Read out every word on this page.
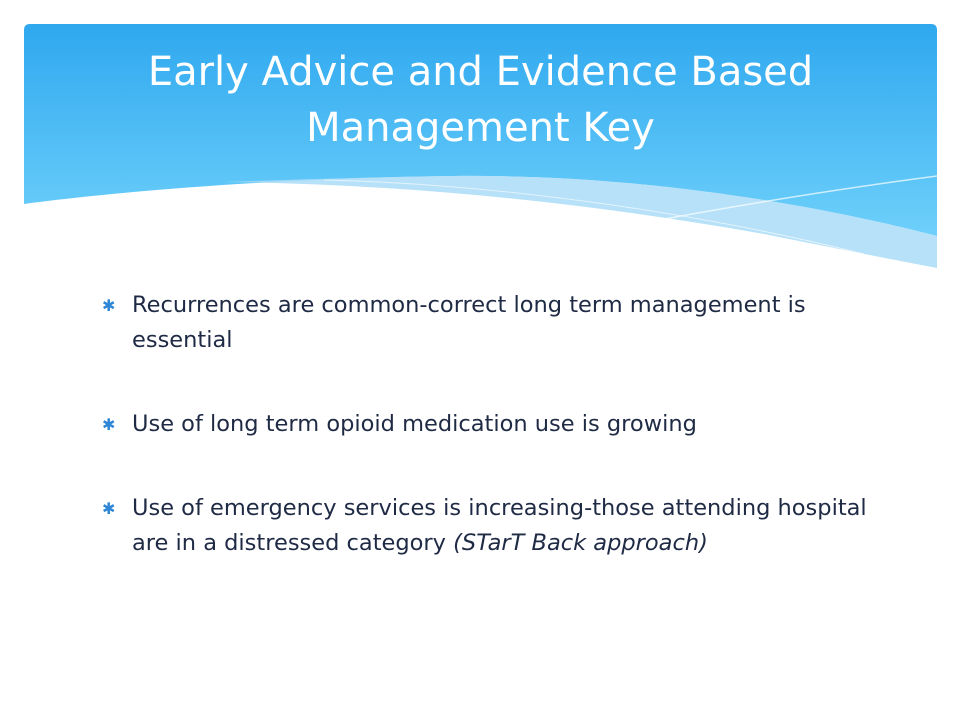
Early Advice and Evidence Based
Management Key
✱ Recurrences are common-correct long term management is essential
✱ Use of long term opioid medication use is growing
✱ Use of emergency services is increasing-those attending hospital are in a distressed category (STarT Back approach)
